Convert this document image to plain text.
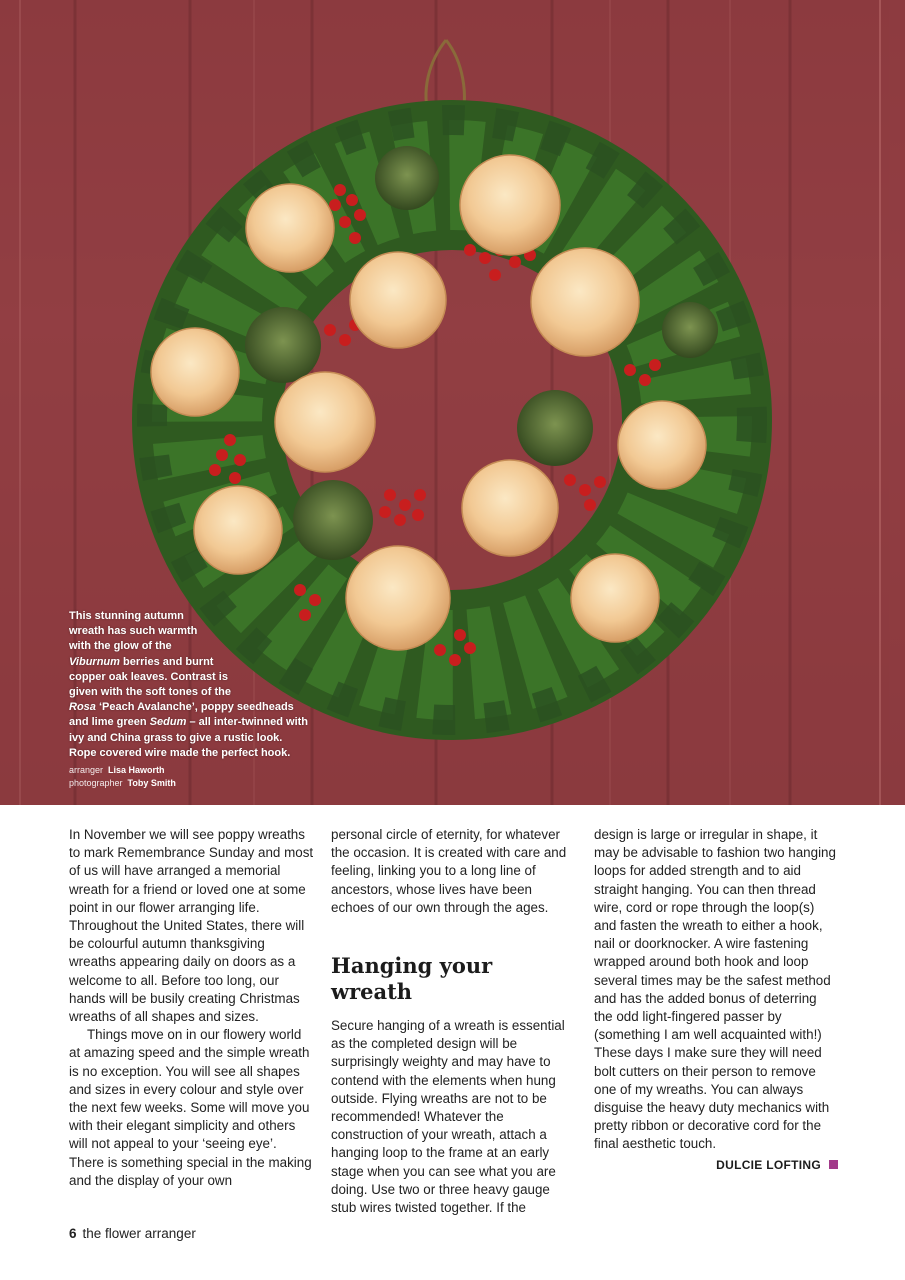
This stunning autumn

wreath has such warmth

with the glow of the

Viburnum berries and burnt

copper oak leaves. Contrast is

given with the soft tones of the

Rosa ‘Peach Avalanche’, poppy seedheads

and lime green Sedum – all inter-twinned with

ivy and China grass to give a rustic look.

Rope covered wire made the perfect hook.

arranger Lisa Haworth
photographer Toby Smith

In November we will see poppy wreaths to mark Remembrance Sunday and most of us will have arranged a memorial wreath for a friend or loved one at some point in our flower arranging life. Throughout the United States, there will be colourful autumn thanksgiving wreaths appearing daily on doors as a welcome to all. Before too long, our hands will be busily creating Christmas wreaths of all shapes and sizes.

Things move on in our flowery world at amazing speed and the simple wreath is no exception. You will see all shapes and sizes in every colour and style over the next few weeks. Some will move you with their elegant simplicity and others will not appeal to your ‘seeing eye’. There is something special in the making and the display of your own

personal circle of eternity, for whatever the occasion. It is created with care and feeling, linking you to a long line of ancestors, whose lives have been echoes of our own through the ages.

Hanging your wreath

Secure hanging of a wreath is essential as the completed design will be surprisingly weighty and may have to contend with the elements when hung outside. Flying wreaths are not to be recommended! Whatever the construction of your wreath, attach a hanging loop to the frame at an early stage when you can see what you are doing. Use two or three heavy gauge stub wires twisted together. If the

design is large or irregular in shape, it may be advisable to fashion two hanging loops for added strength and to aid straight hanging. You can then thread wire, cord or rope through the loop(s) and fasten the wreath to either a hook, nail or doorknocker. A wire fastening wrapped around both hook and loop several times may be the safest method and has the added bonus of deterring the odd light-fingered passer by (something I am well acquainted with!) These days I make sure they will need bolt cutters on their person to remove one of my wreaths. You can always disguise the heavy duty mechanics with pretty ribbon or decorative cord for the final aesthetic touch.

DULCIE LOFTING
6 the flower arranger
